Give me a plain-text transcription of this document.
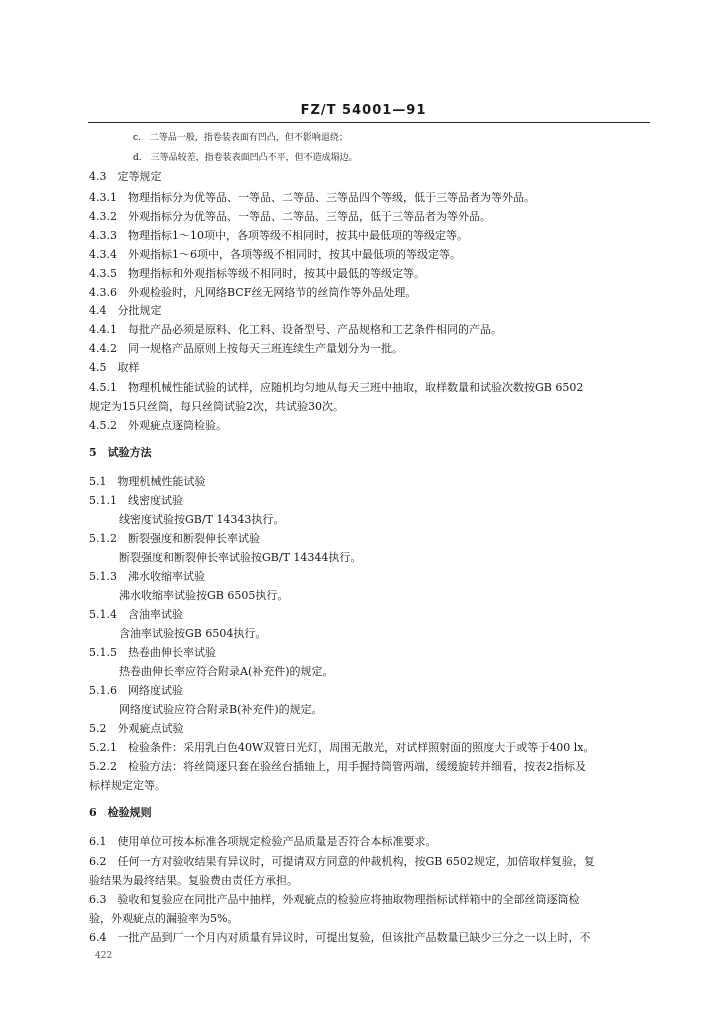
FZ/T 54001—91
c.　二等品一般，指卷装表面有凹凸，但不影响退绕；
d.　三等品较差，指卷装表面凹凸不平，但不造成塌边。
4.3　定等规定
4.3.1　物理指标分为优等品、一等品、二等品、三等品四个等级，低于三等品者为等外品。
4.3.2　外观指标分为优等品、一等品、二等品、三等品，低于三等品者为等外品。
4.3.3　物理指标1～10项中，各项等级不相同时，按其中最低项的等级定等。
4.3.4　外观指标1～6项中，各项等级不相同时，按其中最低项的等级定等。
4.3.5　物理指标和外观指标等级不相同时，按其中最低的等级定等。
4.3.6　外观检验时，凡网络BCF丝无网络节的丝筒作等外品处理。
4.4　分批规定
4.4.1　每批产品必须是原料、化工料、设备型号、产品规格和工艺条件相同的产品。
4.4.2　同一规格产品原则上按每天三班连续生产量划分为一批。
4.5　取样
4.5.1　物理机械性能试验的试样，应随机均匀地从每天三班中抽取，取样数量和试验次数按GB 6502
规定为15只丝筒，每只丝筒试验2次，共试验30次。
4.5.2　外观疵点逐筒检验。
5　试验方法
5.1　物理机械性能试验
5.1.1　线密度试验
线密度试验按GB/T 14343执行。
5.1.2　断裂强度和断裂伸长率试验
断裂强度和断裂伸长率试验按GB/T 14344执行。
5.1.3　沸水收缩率试验
沸水收缩率试验按GB 6505执行。
5.1.4　含油率试验
含油率试验按GB 6504执行。
5.1.5　热卷曲伸长率试验
热卷曲伸长率应符合附录A(补充件)的规定。
5.1.6　网络度试验
网络度试验应符合附录B(补充件)的规定。
5.2　外观疵点试验
5.2.1　检验条件：采用乳白色40W双管日光灯，周围无散光，对试样照射面的照度大于或等于400 lx。
5.2.2　检验方法：将丝筒逐只套在验丝台插轴上，用手握持筒管两端，缓缓旋转并细看，按表2指标及
标样规定定等。
6　检验规则
6.1　使用单位可按本标准各项规定检验产品质量是否符合本标准要求。
6.2　任何一方对验收结果有异议时，可提请双方同意的仲裁机构，按GB 6502规定，加倍取样复验，复
验结果为最终结果。复验费由责任方承担。
6.3　验收和复验应在同批产品中抽样，外观疵点的检验应将抽取物理指标试样箱中的全部丝筒逐筒检
验，外观疵点的漏验率为5%。
6.4　一批产品到厂一个月内对质量有异议时，可提出复验，但该批产品数量已缺少三分之一以上时，不
422
